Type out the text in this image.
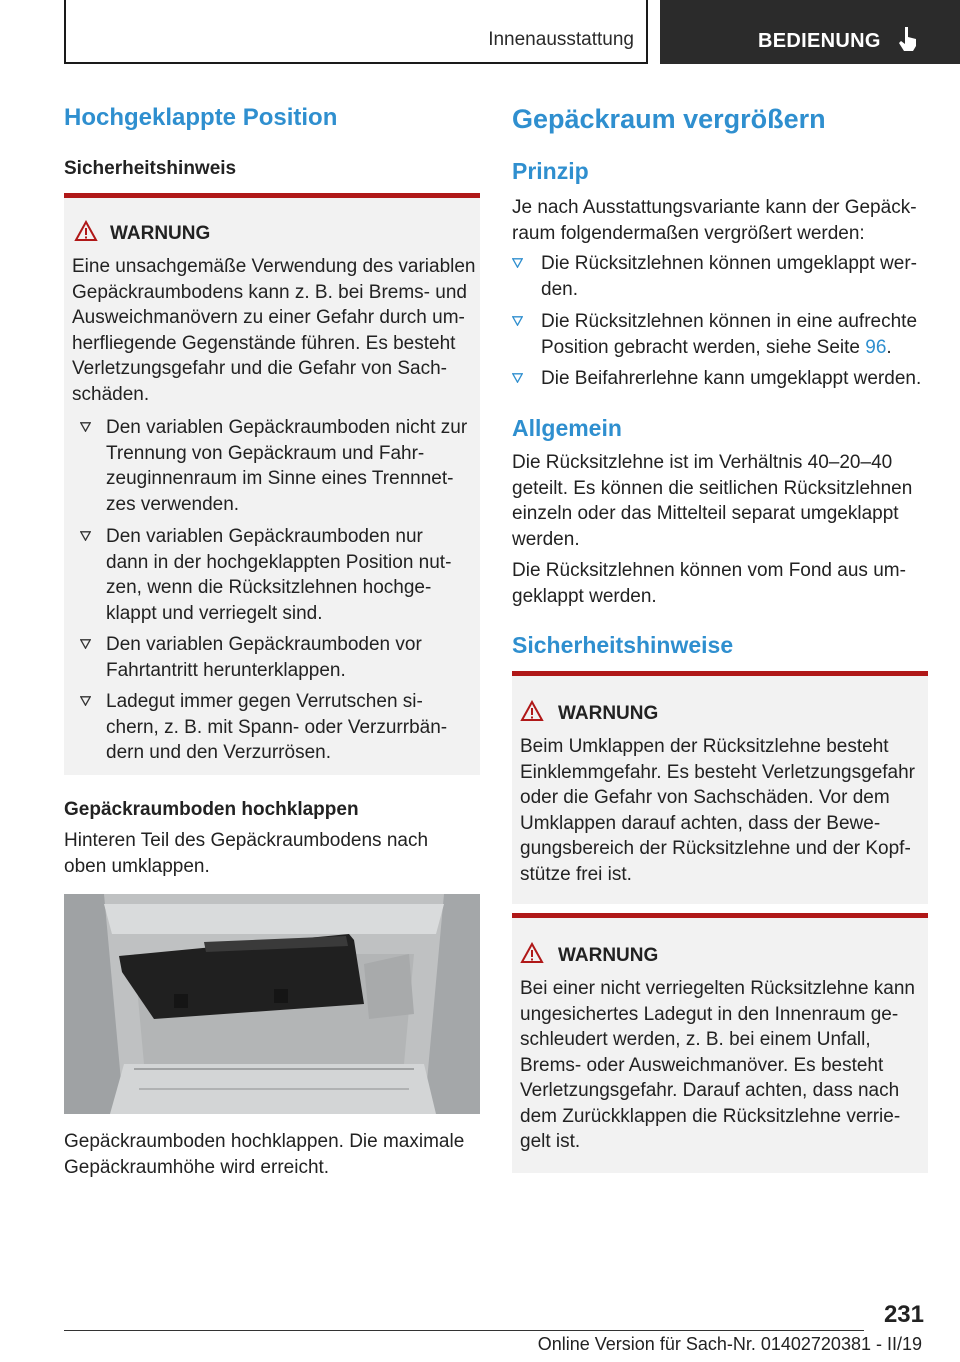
Innenausstattung	BEDIENUNG
Hochgeklappte Position
Sicherheitshinweis
WARNUNG
Eine unsachgemäße Verwendung des variablen
Gepäckraumbodens kann z. B. bei Brems- und
Ausweichmanövern zu einer Gefahr durch um-
herfliegende Gegenstände führen. Es besteht
Verletzungsgefahr und die Gefahr von Sach-
schäden.
Den variablen Gepäckraumboden nicht zur
Trennung von Gepäckraum und Fahr-
zeuginnenraum im Sinne eines Trennnet-
zes verwenden.
Den variablen Gepäckraumboden nur
dann in der hochgeklappten Position nut-
zen, wenn die Rücksitzlehnen hochge-
klappt und verriegelt sind.
Den variablen Gepäckraumboden vor
Fahrtantritt herunterklappen.
Ladegut immer gegen Verrutschen si-
chern, z. B. mit Spann- oder Verzurrbän-
dern und den Verzurrösen.
Gepäckraumboden hochklappen
Hinteren Teil des Gepäckraumbodens nach
oben umklappen.
Gepäckraumboden hochklappen. Die maximale
Gepäckraumhöhe wird erreicht.
Gepäckraum vergrößern
Prinzip
Je nach Ausstattungsvariante kann der Gepäck-
raum folgendermaßen vergrößert werden:
Die Rücksitzlehnen können umgeklappt wer-
den.
Die Rücksitzlehnen können in eine aufrechte
Position gebracht werden, siehe Seite 96.
Die Beifahrerlehne kann umgeklappt werden.
Allgemein
Die Rücksitzlehne ist im Verhältnis 40–20–40
geteilt. Es können die seitlichen Rücksitzlehnen
einzeln oder das Mittelteil separat umgeklappt
werden.
Die Rücksitzlehnen können vom Fond aus um-
geklappt werden.
Sicherheitshinweise
WARNUNG
Beim Umklappen der Rücksitzlehne besteht
Einklemmgefahr. Es besteht Verletzungsgefahr
oder die Gefahr von Sachschäden. Vor dem
Umklappen darauf achten, dass der Bewe-
gungsbereich der Rücksitzlehne und der Kopf-
stütze frei ist.
WARNUNG
Bei einer nicht verriegelten Rücksitzlehne kann
ungesichertes Ladegut in den Innenraum ge-
schleudert werden, z. B. bei einem Unfall,
Brems- oder Ausweichmanöver. Es besteht
Verletzungsgefahr. Darauf achten, dass nach
dem Zurückklappen die Rücksitzlehne verrie-
gelt ist.
231
Online Version für Sach-Nr. 01402720381 - II/19
